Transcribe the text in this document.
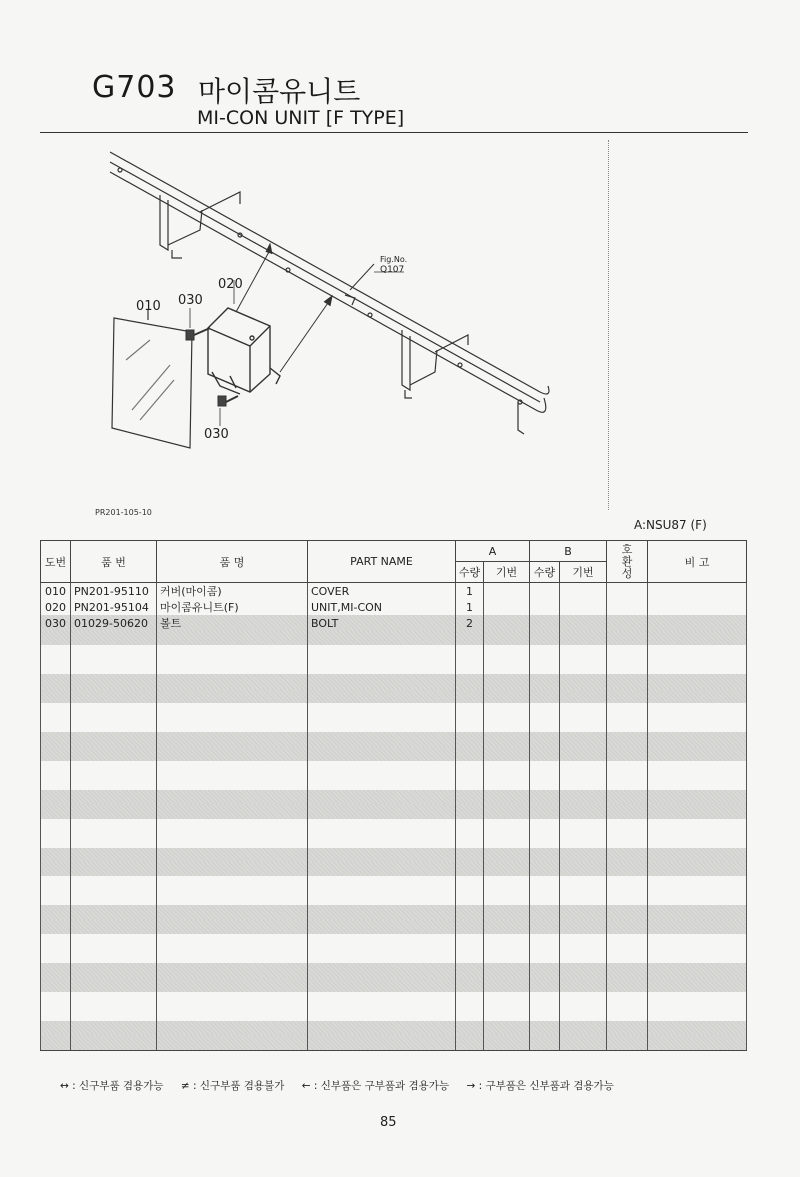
G703 마이콤유니트
MI-CON UNIT [F TYPE]
010 030
020
030
Fig.No.
Q107
PR201-105-10
A:NSU87 (F)
도번	품 번	품 명	PART NAME	A		B		호환성	비 고
				수량	기번	수량	기번		
010	PN201-95110	커버(마이콤)	COVER	1					
020	PN201-95104	마이콤유니트(F)	UNIT,MI-CON	1					
030	01029-50620	볼트	BOLT	2					

↔ : 신구부품 겸용가능 ≠ : 신구부품 겸용불가 ← : 신부품은 구부품과 겸용가능 → : 구부품은 신부품과 겸용가능
85
